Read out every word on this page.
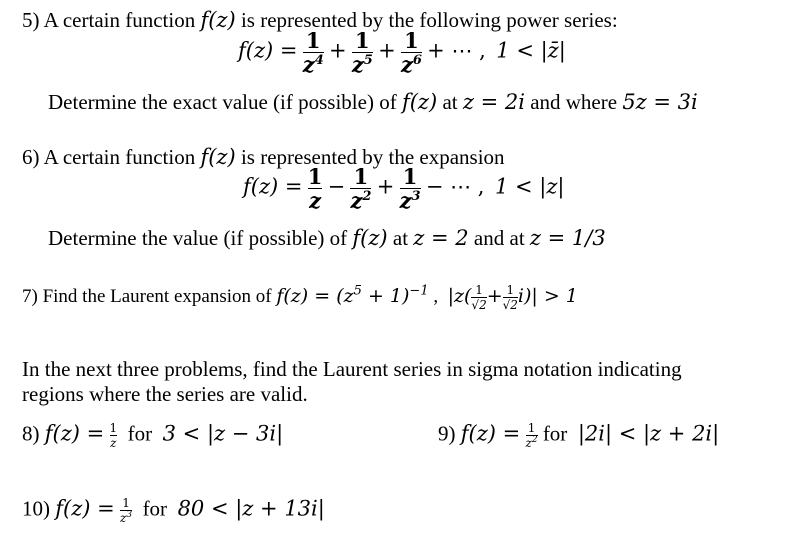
5) A certain function f(z) is represented by the following power series:
$f(z) = \frac{1}{z^4} + \frac{1}{z^5} + \frac{1}{z^6}$ + ⋯ , 1 < |z̄|
Determine the exact value (if possible) of f(z) at z = 2i and where 5z = 3i
6) A certain function f(z) is represented by the expansion
$f(z) = \frac{1}{z} - \frac{1}{z^2} + \frac{1}{z^3}$ − ⋯ , 1 < |z|
Determine the value (if possible) of f(z) at z = 2 and at z = 1/3
7) Find the Laurent expansion of $f(z) = (z^5 + 1)^{-1}$ , $|z( \frac{1}{√2} + \frac{1}{√2} i)| > 1$
In the next three problems, find the Laurent series in sigma notation indicating
regions where the series are valid.
8) $f(z) = \frac{1}{z}$ for 3 < |z − 3i|	9) $f(z) = \frac{1}{z^2}$ for |2i| < |z + 2i|
10) $f(z) = \frac{1}{z^3}$ for 80 < |z + 13i|
